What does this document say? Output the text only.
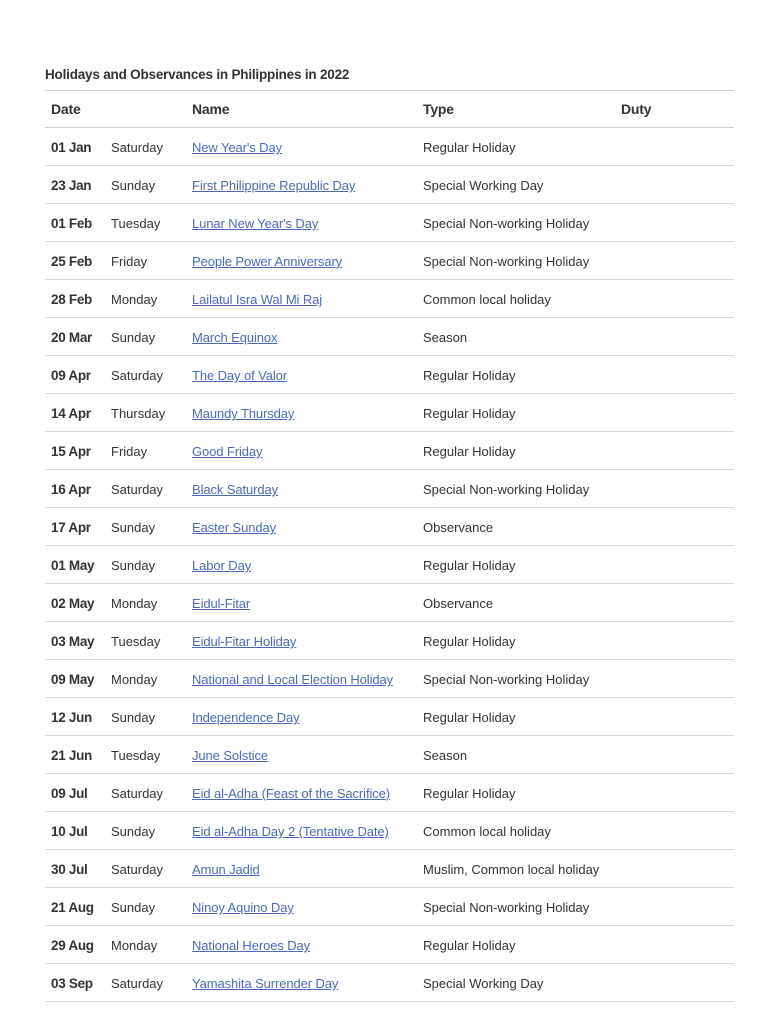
Holidays and Observances in Philippines in 2022
Date		Name	Type	Duty
01 Jan	Saturday	New Year's Day	Regular Holiday	
23 Jan	Sunday	First Philippine Republic Day	Special Working Day	
01 Feb	Tuesday	Lunar New Year's Day	Special Non-working Holiday	
25 Feb	Friday	People Power Anniversary	Special Non-working Holiday	
28 Feb	Monday	Lailatul Isra Wal Mi Raj	Common local holiday	
20 Mar	Sunday	March Equinox	Season	
09 Apr	Saturday	The Day of Valor	Regular Holiday	
14 Apr	Thursday	Maundy Thursday	Regular Holiday	
15 Apr	Friday	Good Friday	Regular Holiday	
16 Apr	Saturday	Black Saturday	Special Non-working Holiday	
17 Apr	Sunday	Easter Sunday	Observance	
01 May	Sunday	Labor Day	Regular Holiday	
02 May	Monday	Eidul-Fitar	Observance	
03 May	Tuesday	Eidul-Fitar Holiday	Regular Holiday	
09 May	Monday	National and Local Election Holiday	Special Non-working Holiday	
12 Jun	Sunday	Independence Day	Regular Holiday	
21 Jun	Tuesday	June Solstice	Season	
09 Jul	Saturday	Eid al-Adha (Feast of the Sacrifice)	Regular Holiday	
10 Jul	Sunday	Eid al-Adha Day 2 (Tentative Date)	Common local holiday	
30 Jul	Saturday	Amun Jadid	Muslim, Common local holiday	
21 Aug	Sunday	Ninoy Aquino Day	Special Non-working Holiday	
29 Aug	Monday	National Heroes Day	Regular Holiday	
03 Sep	Saturday	Yamashita Surrender Day	Special Working Day	
